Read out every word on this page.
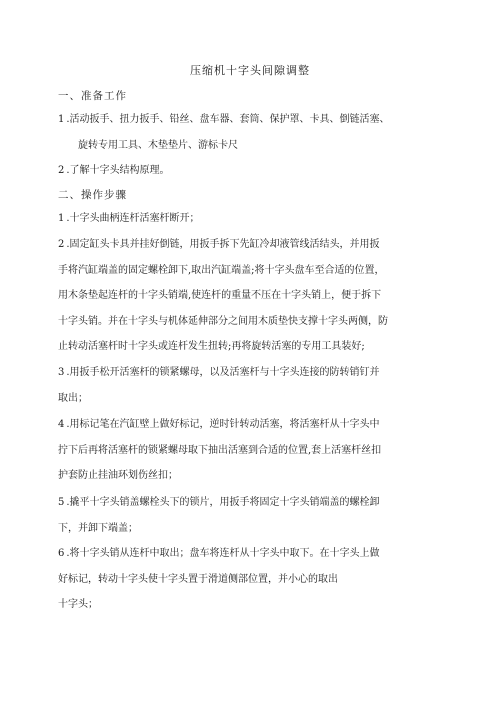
压缩机十字头间隙调整
一、准备工作
1 .活动扳手、扭力扳手、铅丝、盘车器、套筒、保护罩、卡具、倒链活塞、
旋转专用工具、木垫垫片、游标卡尺
2 .了解十字头结构原理。
二、操作步骤
1 .十字头曲柄连杆活塞杆断开；
2 .固定缸头卡具并挂好倒链，用扳手拆下先缸冷却液管线活结头，并用扳
手将汽缸端盖的固定螺栓卸下,取出汽缸端盖;将十字头盘车至合适的位置，
用木条垫起连杆的十字头销端,使连杆的重量不压在十字头销上，便于拆下
十字头销。并在十字头与机体延伸部分之间用木质垫快支撑十字头两侧，防
止转动活塞杆时十字头或连杆发生扭转;再将旋转活塞的专用工具装好;
3 .用扳手松开活塞杆的锁紧螺母，以及活塞杆与十字头连接的防转销钉并
取出；
4 .用标记笔在汽缸壁上做好标记，逆时针转动活塞，将活塞杆从十字头中
拧下后再将活塞杆的锁紧螺母取下抽出活塞到合适的位置,套上活塞杆丝扣
护套防止挂油环划伤丝扣；
5 .撬平十字头销盖螺栓头下的锁片，用扳手将固定十字头销端盖的螺栓卸
下，并卸下端盖；
6 .将十字头销从连杆中取出；盘车将连杆从十字头中取下。在十字头上做
好标记，转动十字头使十字头置于滑道侧部位置，并小心的取出
十字头；
